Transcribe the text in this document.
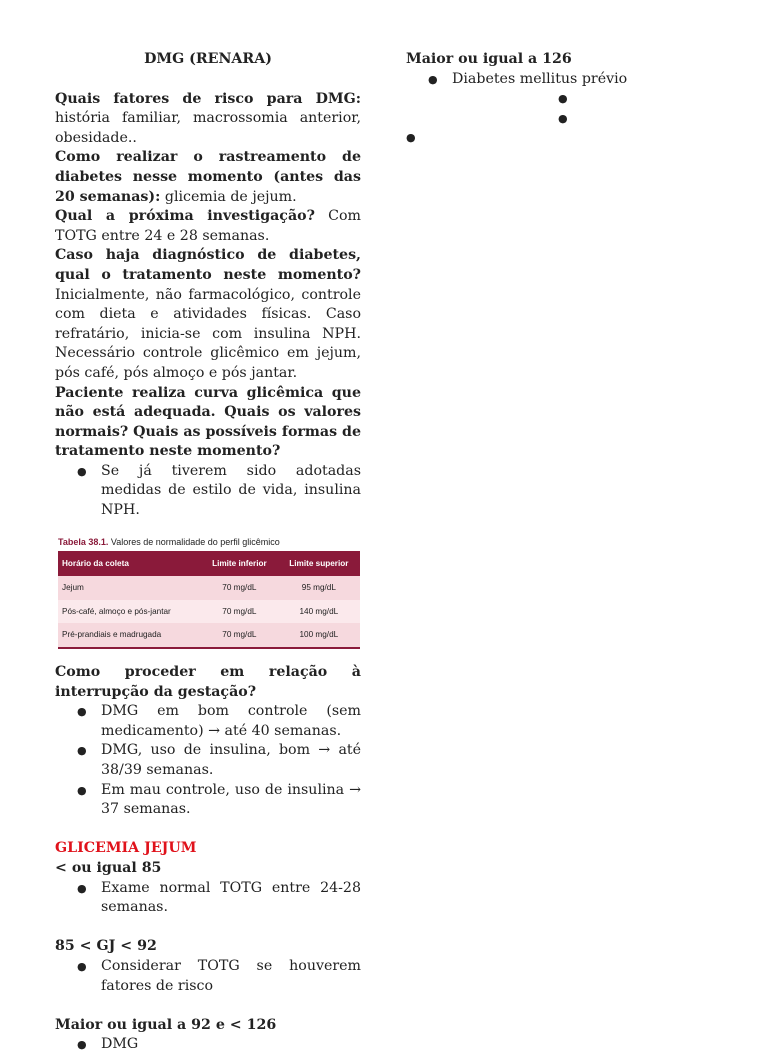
DMG (RENARA)

Quais fatores de risco para DMG: história familiar, macrossomia anterior, obesidade..

Como realizar o rastreamento de diabetes nesse momento (antes das 20 semanas): glicemia de jejum.

Qual a próxima investigação? Com TOTG entre 24 e 28 semanas.

Caso haja diagnóstico de diabetes, qual o tratamento neste momento? Inicialmente, não farmacológico, controle com dieta e atividades físicas. Caso refratário, inicia-se com insulina NPH. Necessário controle glicêmico em jejum, pós café, pós almoço e pós jantar.

Paciente realiza curva glicêmica que não está adequada. Quais os valores normais? Quais as possíveis formas de tratamento neste momento?

● Se já tiverem sido adotadas medidas de estilo de vida, insulina NPH.
Tabela 38.1. Valores de normalidade do perfil glicêmico
Horário da coleta	Limite inferior	Limite superior
Jejum	70 mg/dL	95 mg/dL
Pós-café, almoço e pós-jantar	70 mg/dL	140 mg/dL
Pré-prandiais e madrugada	70 mg/dL	100 mg/dL

Como proceder em relação à interrupção da gestação?

● DMG em bom controle (sem medicamento) → até 40 semanas.
● DMG, uso de insulina, bom → até 38/39 semanas.
● Em mau controle, uso de insulina → 37 semanas.

GLICEMIA JEJUM

< ou igual 85

● Exame normal TOTG entre 24-28 semanas.

85 < GJ < 92

● Considerar TOTG se houverem fatores de risco

Maior ou igual a 92 e < 126

● DMG

Maior ou igual a 126

● Diabetes mellitus prévio
●
●
●
